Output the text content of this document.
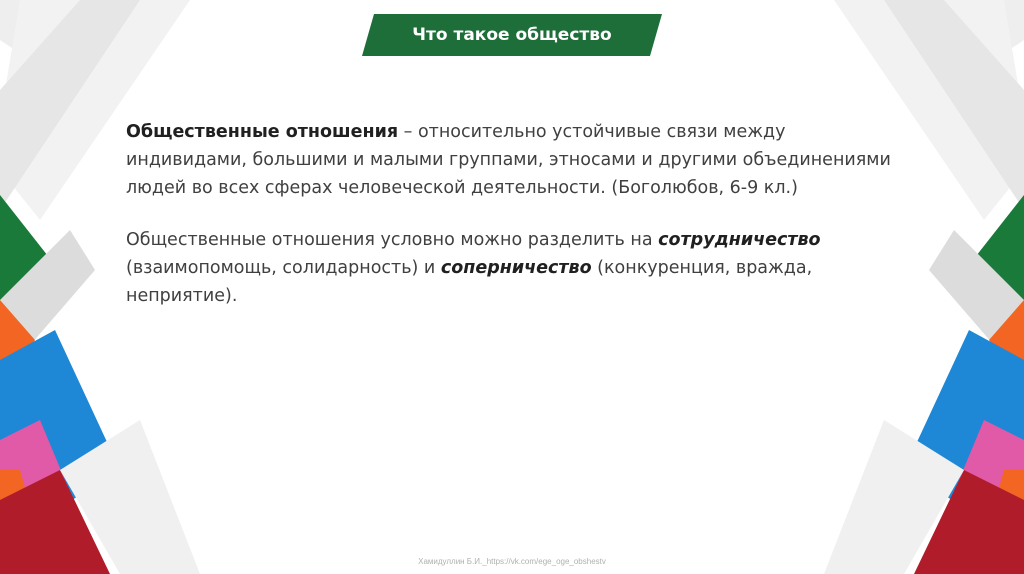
Что такое общество

Общественные отношения – относительно устойчивые связи между индивидами, большими и малыми группами, этносами и другими объединениями людей во всех сферах человеческой деятельности. (Боголюбов, 6-9 кл.)

Общественные отношения условно можно разделить на сотрудничество (взаимопомощь, солидарность) и соперничество (конкуренция, вражда, неприятие).

Хамидуллин Б.И._https://vk.com/ege_oge_obshestv
